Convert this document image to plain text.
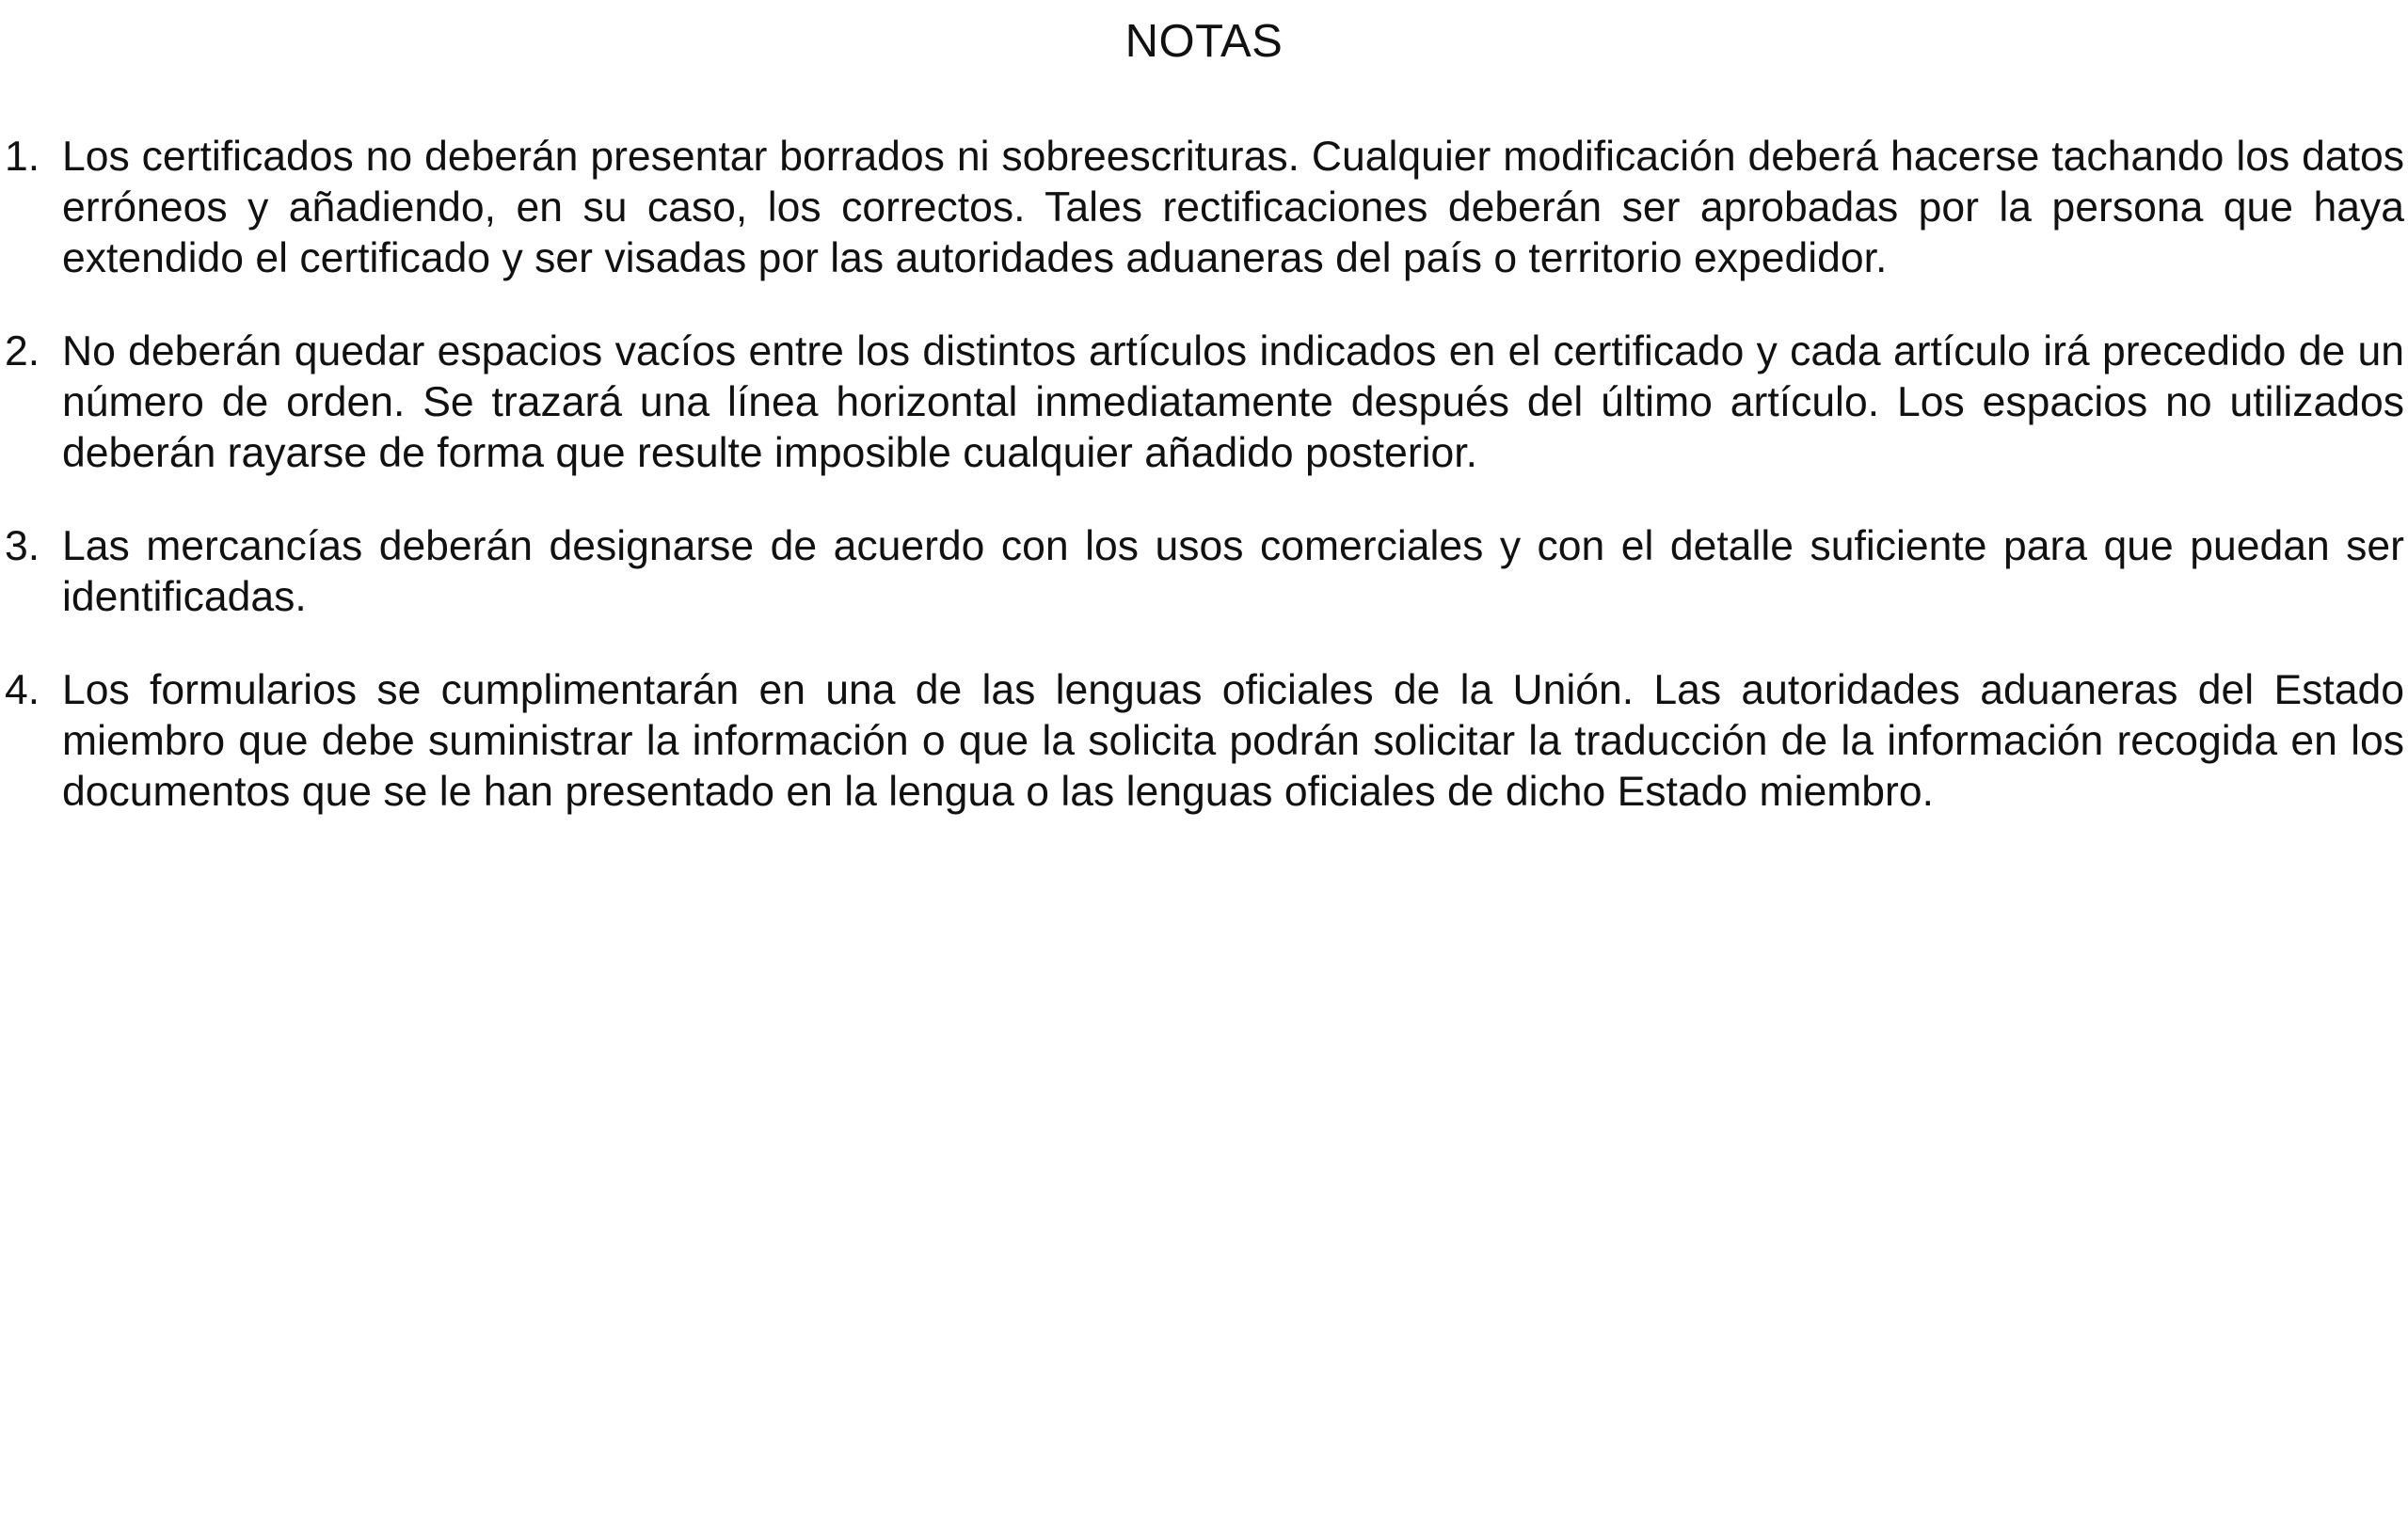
NOTAS
1. Los certificados no deberán presentar borrados ni sobreescrituras. Cualquier modificación deberá hacerse tachando los datos erróneos y añadiendo, en su caso, los correctos. Tales rectificaciones deberán ser aprobadas por la persona que haya extendido el certificado y ser visadas por las autoridades aduaneras del país o territorio expedidor.
2. No deberán quedar espacios vacíos entre los distintos artículos indicados en el certificado y cada artículo irá precedido de un número de orden. Se trazará una línea horizontal inmediatamente después del último artículo. Los espacios no utilizados deberán rayarse de forma que resulte imposible cualquier añadido posterior.
3. Las mercancías deberán designarse de acuerdo con los usos comerciales y con el detalle suficiente para que puedan ser identificadas.
4. Los formularios se cumplimentarán en una de las lenguas oficiales de la Unión. Las autoridades aduaneras del Estado miembro que debe suministrar la información o que la solicita podrán solicitar la traducción de la información recogida en los documentos que se le han presentado en la lengua o las lenguas oficiales de dicho Estado miembro.
